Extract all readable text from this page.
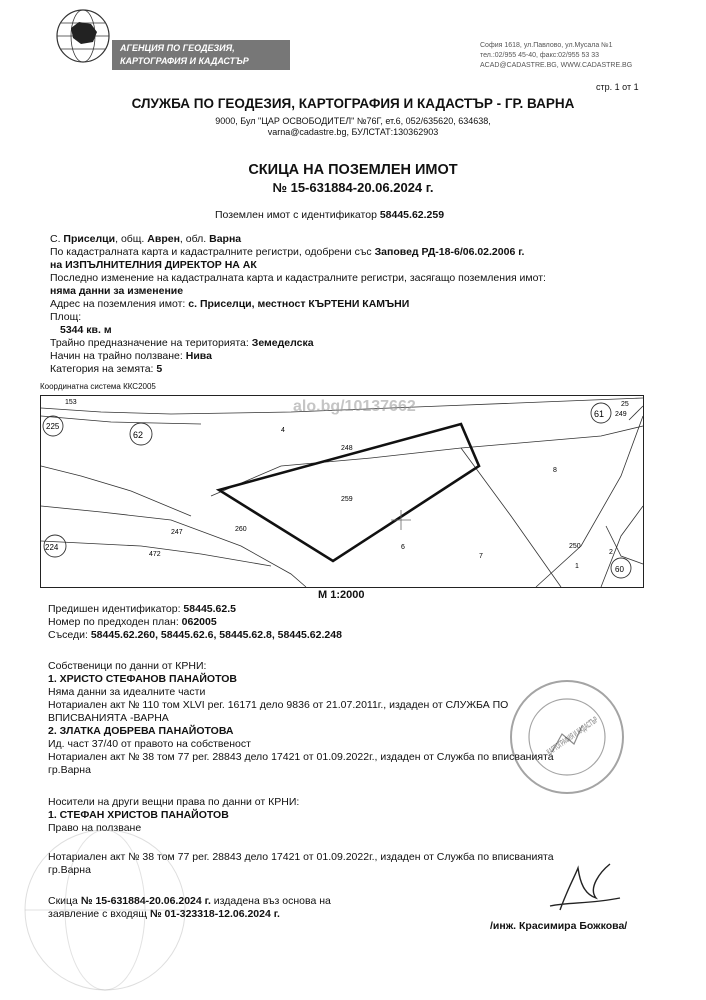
АГЕНЦИЯ ПО ГЕОДЕЗИЯ,
КАРТОГРАФИЯ И КАДАСТЪР
София 1618, ул.Павлово, ул.Мусала №1
тел.:02/955 45-40, факс:02/955 53 33
ACAD@CADASTRE.BG, WWW.CADASTRE.BG
стр. 1 от 1
СЛУЖБА ПО ГЕОДЕЗИЯ, КАРТОГРАФИЯ И КАДАСТЪР - ГР. ВАРНА
9000, Бул "ЦАР ОСВОБОДИТЕЛ" №76Г, ет.6, 052/635620, 634638,
varna@cadastre.bg, БУЛСТАТ:130362903
СКИЦА НА ПОЗЕМЛЕН ИМОТ
№ 15-631884-20.06.2024 г.
Поземлен имот с идентификатор 58445.62.259
С. Приселци, общ. Аврен, обл. Варна
По кадастралната карта и кадастралните регистри, одобрени със Заповед РД-18-6/06.02.2006 г.
на ИЗПЪЛНИТЕЛНИЯ ДИРЕКТОР НА АК
Последно изменение на кадастралната карта и кадастралните регистри, засягащо поземления имот:
няма данни за изменение
Адрес на поземления имот: с. Приселци, местност КЪРТЕНИ КАМЪНИ
Площ:
5344 кв. м
Трайно предназначение на територията: Земеделска
Начин на трайно ползване: Нива
Категория на земята: 5
Координатна система ККС2005
153
225
62	4
248
61
25
249
8
259
260
247
224
472
6
7
250
2
1	60
alo.bg/10137662
М 1:2000
Предишен идентификатор: 58445.62.5
Номер по предходен план: 062005
Съседи: 58445.62.260, 58445.62.6, 58445.62.8, 58445.62.248
Собственици по данни от КРНИ:
1. ХРИСТО СТЕФАНОВ ПАНАЙОТОВ
Няма данни за идеалните части
Нотариален акт № 110 том XLVI рег. 16171 дело 9836 от 21.07.2011г., издаден от СЛУЖБА ПО
ВПИСВАНИЯТА -ВАРНА
2. ЗЛАТКА ДОБРЕВА ПАНАЙОТОВА
Ид. част 37/40 от правото на собственост
Нотариален акт № 38 том 77 рег. 28843 дело 17421 от 01.09.2022г., издаден от Служба по вписванията
гр.Варна
Носители на други вещни права по данни от КРНИ:
1. СТЕФАН ХРИСТОВ ПАНАЙОТОВ
Право на ползване
Нотариален акт № 38 том 77 рег. 28843 дело 17421 от 01.09.2022г., издаден от Служба по вписванията
гр.Варна
Скица № 15-631884-20.06.2024 г. издадена въз основа на
заявление с входящ № 01-323318-12.06.2024 г.
/инж. Красимира Божкова/
КАРТОГРАФИЯ И КАДАСТЪР
